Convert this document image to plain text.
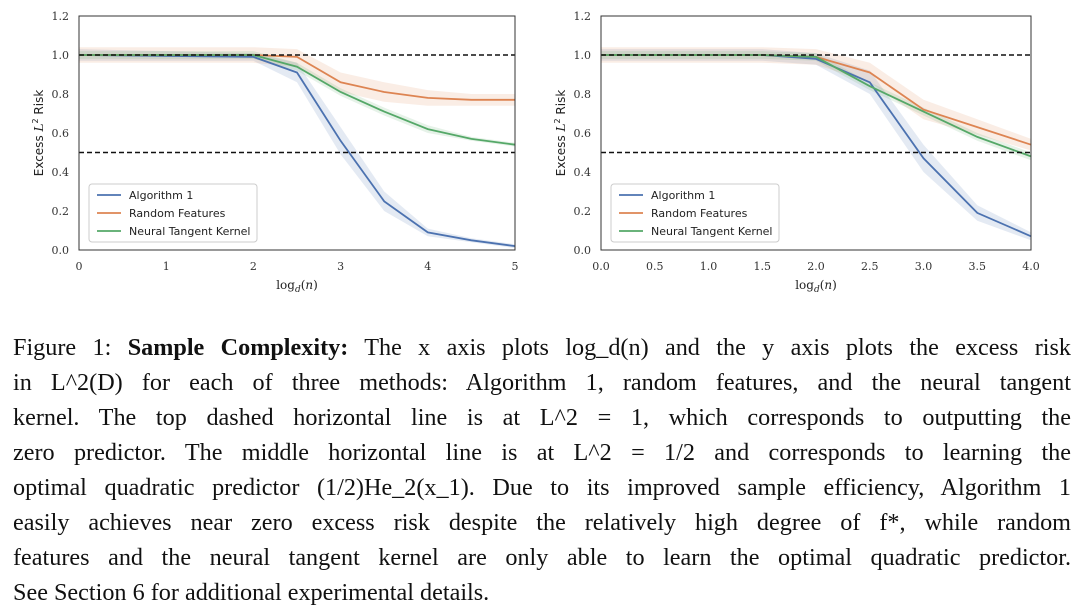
0.0
0.2
0.4
0.6
0.8
1.0
1.2
0	1	2	3	4	5
$\log_d(n)$
Excess $L^2$ Risk
Algorithm 1
Random Features
Neural Tangent Kernel
0.0
0.2
0.4
0.6
0.8
1.0
1.2
0.0	0.5	1.0	1.5	2.0	2.5	3.0	3.5	4.0
$\log_d(n)$
Excess $L^2$ Risk
Algorithm 1
Random Features
Neural Tangent Kernel
Figure 1: Sample Complexity: The x axis plots log_d(n) and the y axis plots the excess risk
in L^2(D) for each of three methods: Algorithm 1, random features, and the neural tangent
kernel. The top dashed horizontal line is at L^2 = 1, which corresponds to outputting the
zero predictor. The middle horizontal line is at L^2 = 1/2 and corresponds to learning the
optimal quadratic predictor (1/2)He_2(x_1). Due to its improved sample efficiency, Algorithm 1
easily achieves near zero excess risk despite the relatively high degree of f*, while random
features and the neural tangent kernel are only able to learn the optimal quadratic predictor.
See Section 6 for additional experimental details.
